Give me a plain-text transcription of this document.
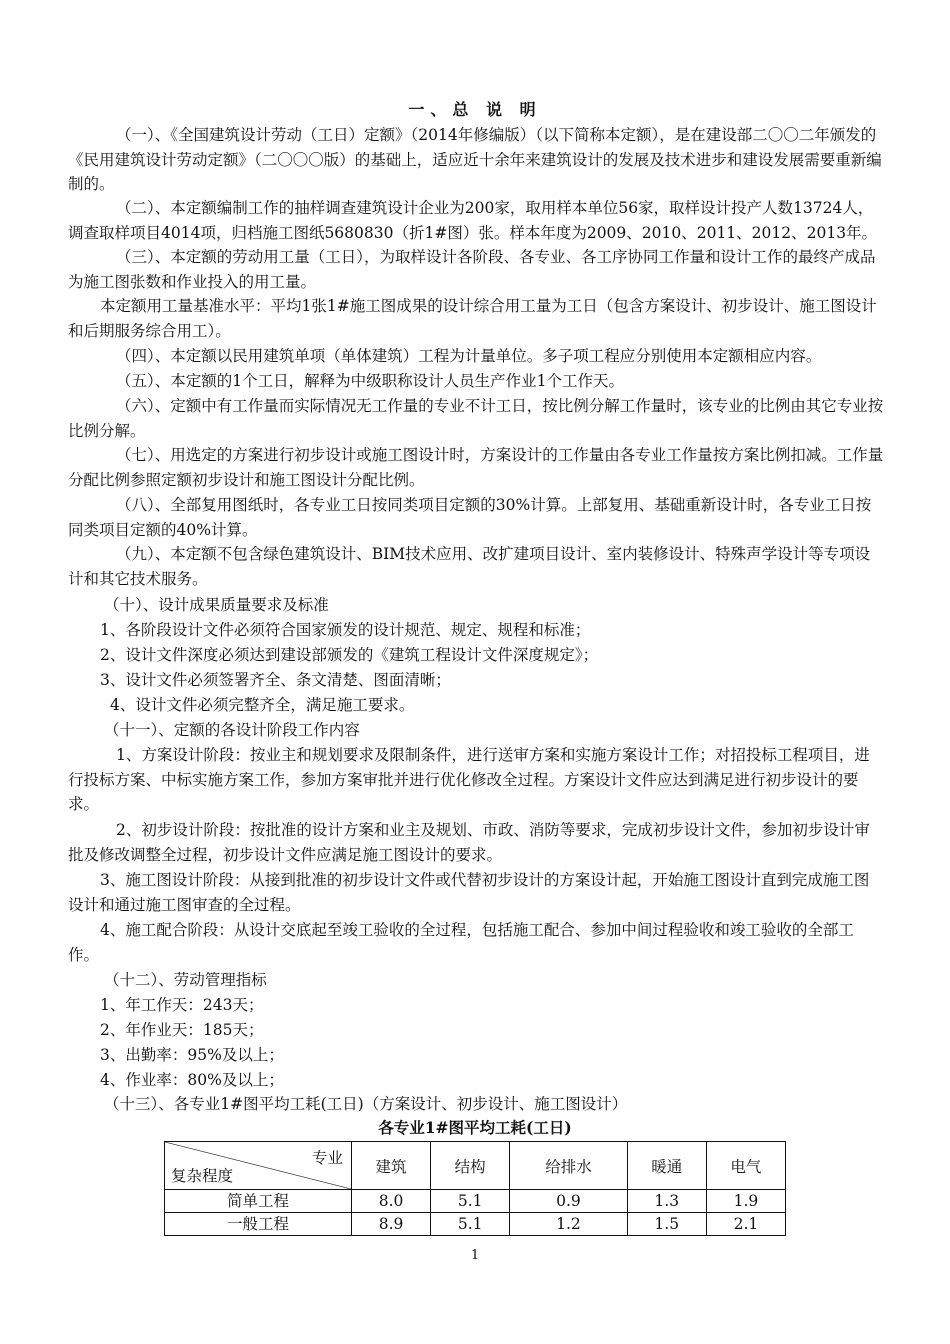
一、总 说 明

（一）、《全国建筑设计劳动（工日）定额》（2014年修编版）（以下简称本定额），是在建设部二〇〇二年颁发的《民用建筑设计劳动定额》（二〇〇〇版）的基础上，适应近十余年来建筑设计的发展及技术进步和建设发展需要重新编制的。

（二）、本定额编制工作的抽样调查建筑设计企业为200家，取用样本单位56家，取样设计投产人数13724人，调查取样项目4014项，归档施工图纸5680830（折1#图）张。样本年度为2009、2010、2011、2012、2013年。

（三）、本定额的劳动用工量（工日），为取样设计各阶段、各专业、各工序协同工作量和设计工作的最终产成品为施工图张数和作业投入的用工量。

本定额用工量基准水平：平均1张1#施工图成果的设计综合用工量为工日（包含方案设计、初步设计、施工图设计和后期服务综合用工）。

（四）、本定额以民用建筑单项（单体建筑）工程为计量单位。多子项工程应分别使用本定额相应内容。

（五）、本定额的1个工日，解释为中级职称设计人员生产作业1个工作天。

（六）、定额中有工作量而实际情况无工作量的专业不计工日，按比例分解工作量时，该专业的比例由其它专业按比例分解。

（七）、用选定的方案进行初步设计或施工图设计时，方案设计的工作量由各专业工作量按方案比例扣减。工作量分配比例参照定额初步设计和施工图设计分配比例。

（八）、全部复用图纸时，各专业工日按同类项目定额的30%计算。上部复用、基础重新设计时，各专业工日按同类项目定额的40%计算。

（九）、本定额不包含绿色建筑设计、BIM技术应用、改扩建项目设计、室内装修设计、特殊声学设计等专项设计和其它技术服务。

（十）、设计成果质量要求及标准
1、各阶段设计文件必须符合国家颁发的设计规范、规定、规程和标准；
2、设计文件深度必须达到建设部颁发的《建筑工程设计文件深度规定》；
3、设计文件必须签署齐全、条文清楚、图面清晰；
4、设计文件必须完整齐全，满足施工要求。
（十一）、定额的各设计阶段工作内容

1、方案设计阶段：按业主和规划要求及限制条件，进行送审方案和实施方案设计工作；对招投标工程项目，进行投标方案、中标实施方案工作，参加方案审批并进行优化修改全过程。方案设计文件应达到满足进行初步设计的要求。

2、初步设计阶段：按批准的设计方案和业主及规划、市政、消防等要求，完成初步设计文件，参加初步设计审批及修改调整全过程，初步设计文件应满足施工图设计的要求。

3、施工图设计阶段：从接到批准的初步设计文件或代替初步设计的方案设计起，开始施工图设计直到完成施工图设计和通过施工图审查的全过程。

4、施工配合阶段：从设计交底起至竣工验收的全过程，包括施工配合、参加中间过程验收和竣工验收的全部工作。

（十二）、劳动管理指标
1、年工作天：243天；
2、年作业天：185天；
3、出勤率：95%及以上；
4、作业率：80%及以上；
（十三）、各专业1#图平均工耗(工日)（方案设计、初步设计、施工图设计）
各专业1#图平均工耗(工日)
专业
复杂程度	建筑	结构	给排水	暖通	电气
简单工程	8.0	5.1	0.9	1.3	1.9
一般工程	8.9	5.1	1.2	1.5	2.1
1
